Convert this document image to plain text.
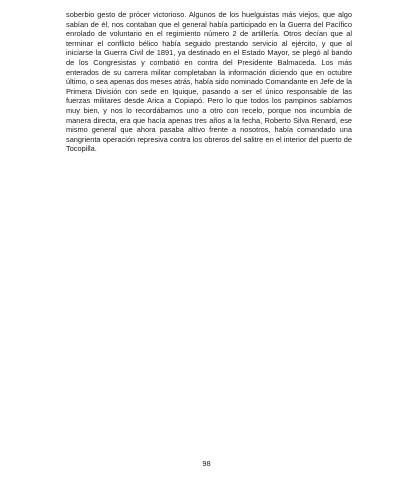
soberbio gesto de prócer victorioso. Algunos de los huelguistas más viejos, que algo sabían de él, nos contaban que el general había participado en la Guerra del Pacífico enrolado de voluntario en el regimiento número 2 de artillería. Otros decían que al terminar el conflicto bélico había seguido prestando servicio al ejército, y que al iniciarse la Guerra Civil de 1891, ya destinado en el Estado Mayor, se plegó al bando de los Congresistas y combatió en contra del Presidente Balmaceda. Los más enterados de su carrera militar completaban la información diciendo que en octubre último, o sea apenas dos meses atrás, había sido nominado Comandante en Jefe de la Primera División con sede en Iquique, pasando a ser el único responsable de las fuerzas militares desde Arica a Copiapó. Pero lo que todos los pampinos sabíamos muy bien, y nos lo recordábamos uno a otro con recelo, porque nos incumbía de manera directa, era que hacía apenas tres años a la fecha, Roberto Silva Renard, ese mismo general que ahora pasaba altivo frente a nosotros, había comandado una sangrienta operación represiva contra los obreros del salitre en el interior del puerto de Tocopilla.

98
